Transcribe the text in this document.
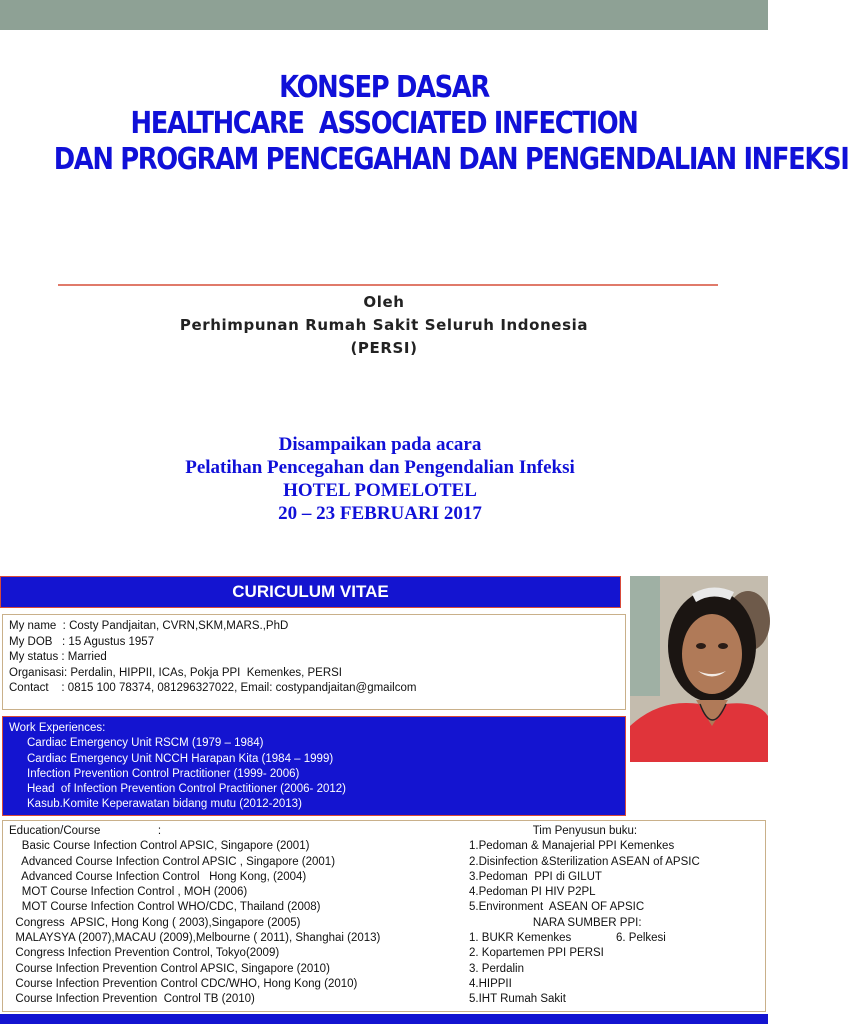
KONSEP DASAR
HEALTHCARE  ASSOCIATED INFECTION
DAN PROGRAM PENCEGAHAN DAN PENGENDALIAN INFEKSI
Oleh
Perhimpunan Rumah Sakit Seluruh Indonesia
(PERSI)
Disampaikan pada acara
Pelatihan Pencegahan dan Pengendalian Infeksi
HOTEL POMELOTEL
20 – 23 FEBRUARI 2017
CURICULUM VITAE
My name  : Costy Pandjaitan, CVRN,SKM,MARS.,PhD
My DOB   : 15 Agustus 1957
My status : Married
Organisasi: Perdalin, HIPPII, ICAs, Pokja PPI  Kemenkes, PERSI
Contact    : 0815 100 78374, 081296327022, Email: costypandjaitan@gmailcom
Work Experiences:
Cardiac Emergency Unit RSCM (1979 – 1984)
Cardiac Emergency Unit NCCH Harapan Kita (1984 – 1999)
Infection Prevention Control Practitioner (1999- 2006)
Head  of Infection Prevention Control Practitioner (2006- 2012)
Kasub.Komite Keperawatan bidang mutu (2012-2013)
Education/Course                  :
Basic Course Infection Control APSIC, Singapore (2001)
Advanced Course Infection Control APSIC , Singapore (2001)
Advanced Course Infection Control   Hong Kong, (2004)
MOT Course Infection Control , MOH (2006)
MOT Course Infection Control WHO/CDC, Thailand (2008)
Congress  APSIC, Hong Kong ( 2003),Singapore (2005)
MALAYSYA (2007),MACAU (2009),Melbourne ( 2011), Shanghai (2013)
Congress Infection Prevention Control, Tokyo(2009)
Course Infection Prevention Control APSIC, Singapore (2010)
Course Infection Prevention Control CDC/WHO, Hong Kong (2010)
Course Infection Prevention  Control TB (2010)
Tim Penyusun buku:
1.Pedoman & Manajerial PPI Kemenkes
2.Disinfection &Sterilization ASEAN of APSIC
3.Pedoman  PPI di GILUT
4.Pedoman PI HIV P2PL
5.Environment  ASEAN OF APSIC
NARA SUMBER PPI:
1. BUKR Kemenkes              6. Pelkesi
2. Kopartemen PPI PERSI
3. Perdalin
4.HIPPII
5.IHT Rumah Sakit
